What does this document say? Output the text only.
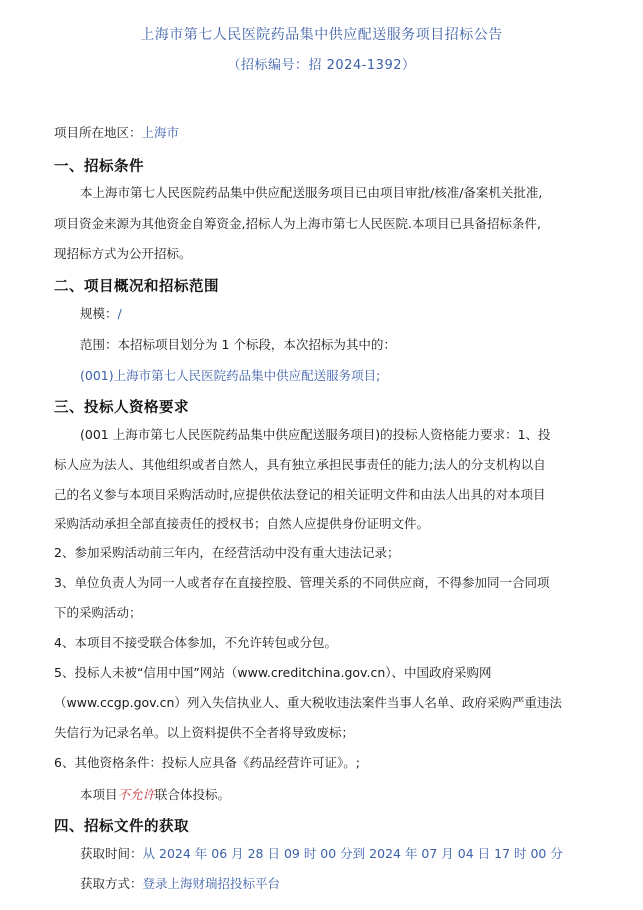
上海市第七人民医院药品集中供应配送服务项目招标公告
（招标编号：招 2024-1392）
项目所在地区：上海市
一、招标条件
本上海市第七人民医院药品集中供应配送服务项目已由项目审批/核准/备案机关批准,
项目资金来源为其他资金自筹资金,招标人为上海市第七人民医院.本项目已具备招标条件,
现招标方式为公开招标。
二、项目概况和招标范围
规模：/
范围：本招标项目划分为 1 个标段，本次招标为其中的：
(001)上海市第七人民医院药品集中供应配送服务项目;
三、投标人资格要求
(001 上海市第七人民医院药品集中供应配送服务项目)的投标人资格能力要求：1、投
标人应为法人、其他组织或者自然人，具有独立承担民事责任的能力;法人的分支机构以自
己的名义参与本项目采购活动时,应提供依法登记的相关证明文件和由法人出具的对本项目
采购活动承担全部直接责任的授权书；自然人应提供身份证明文件。
2、参加采购活动前三年内，在经营活动中没有重大违法记录；
3、单位负责人为同一人或者存在直接控股、管理关系的不同供应商，不得参加同一合同项
下的采购活动；
4、本项目不接受联合体参加，不允许转包或分包。
5、投标人未被“信用中国”网站（www.creditchina.gov.cn）、中国政府采购网
（www.ccgp.gov.cn）列入失信执业人、重大税收违法案件当事人名单、政府采购严重违法
失信行为记录名单。以上资料提供不全者将导致废标；
6、其他资格条件：投标人应具备《药品经营许可证》。;
本项目不允许联合体投标。
四、招标文件的获取
获取时间：从 2024 年 06 月 28 日 09 时 00 分到 2024 年 07 月 04 日 17 时 00 分
获取方式：登录上海财瑞招投标平台
